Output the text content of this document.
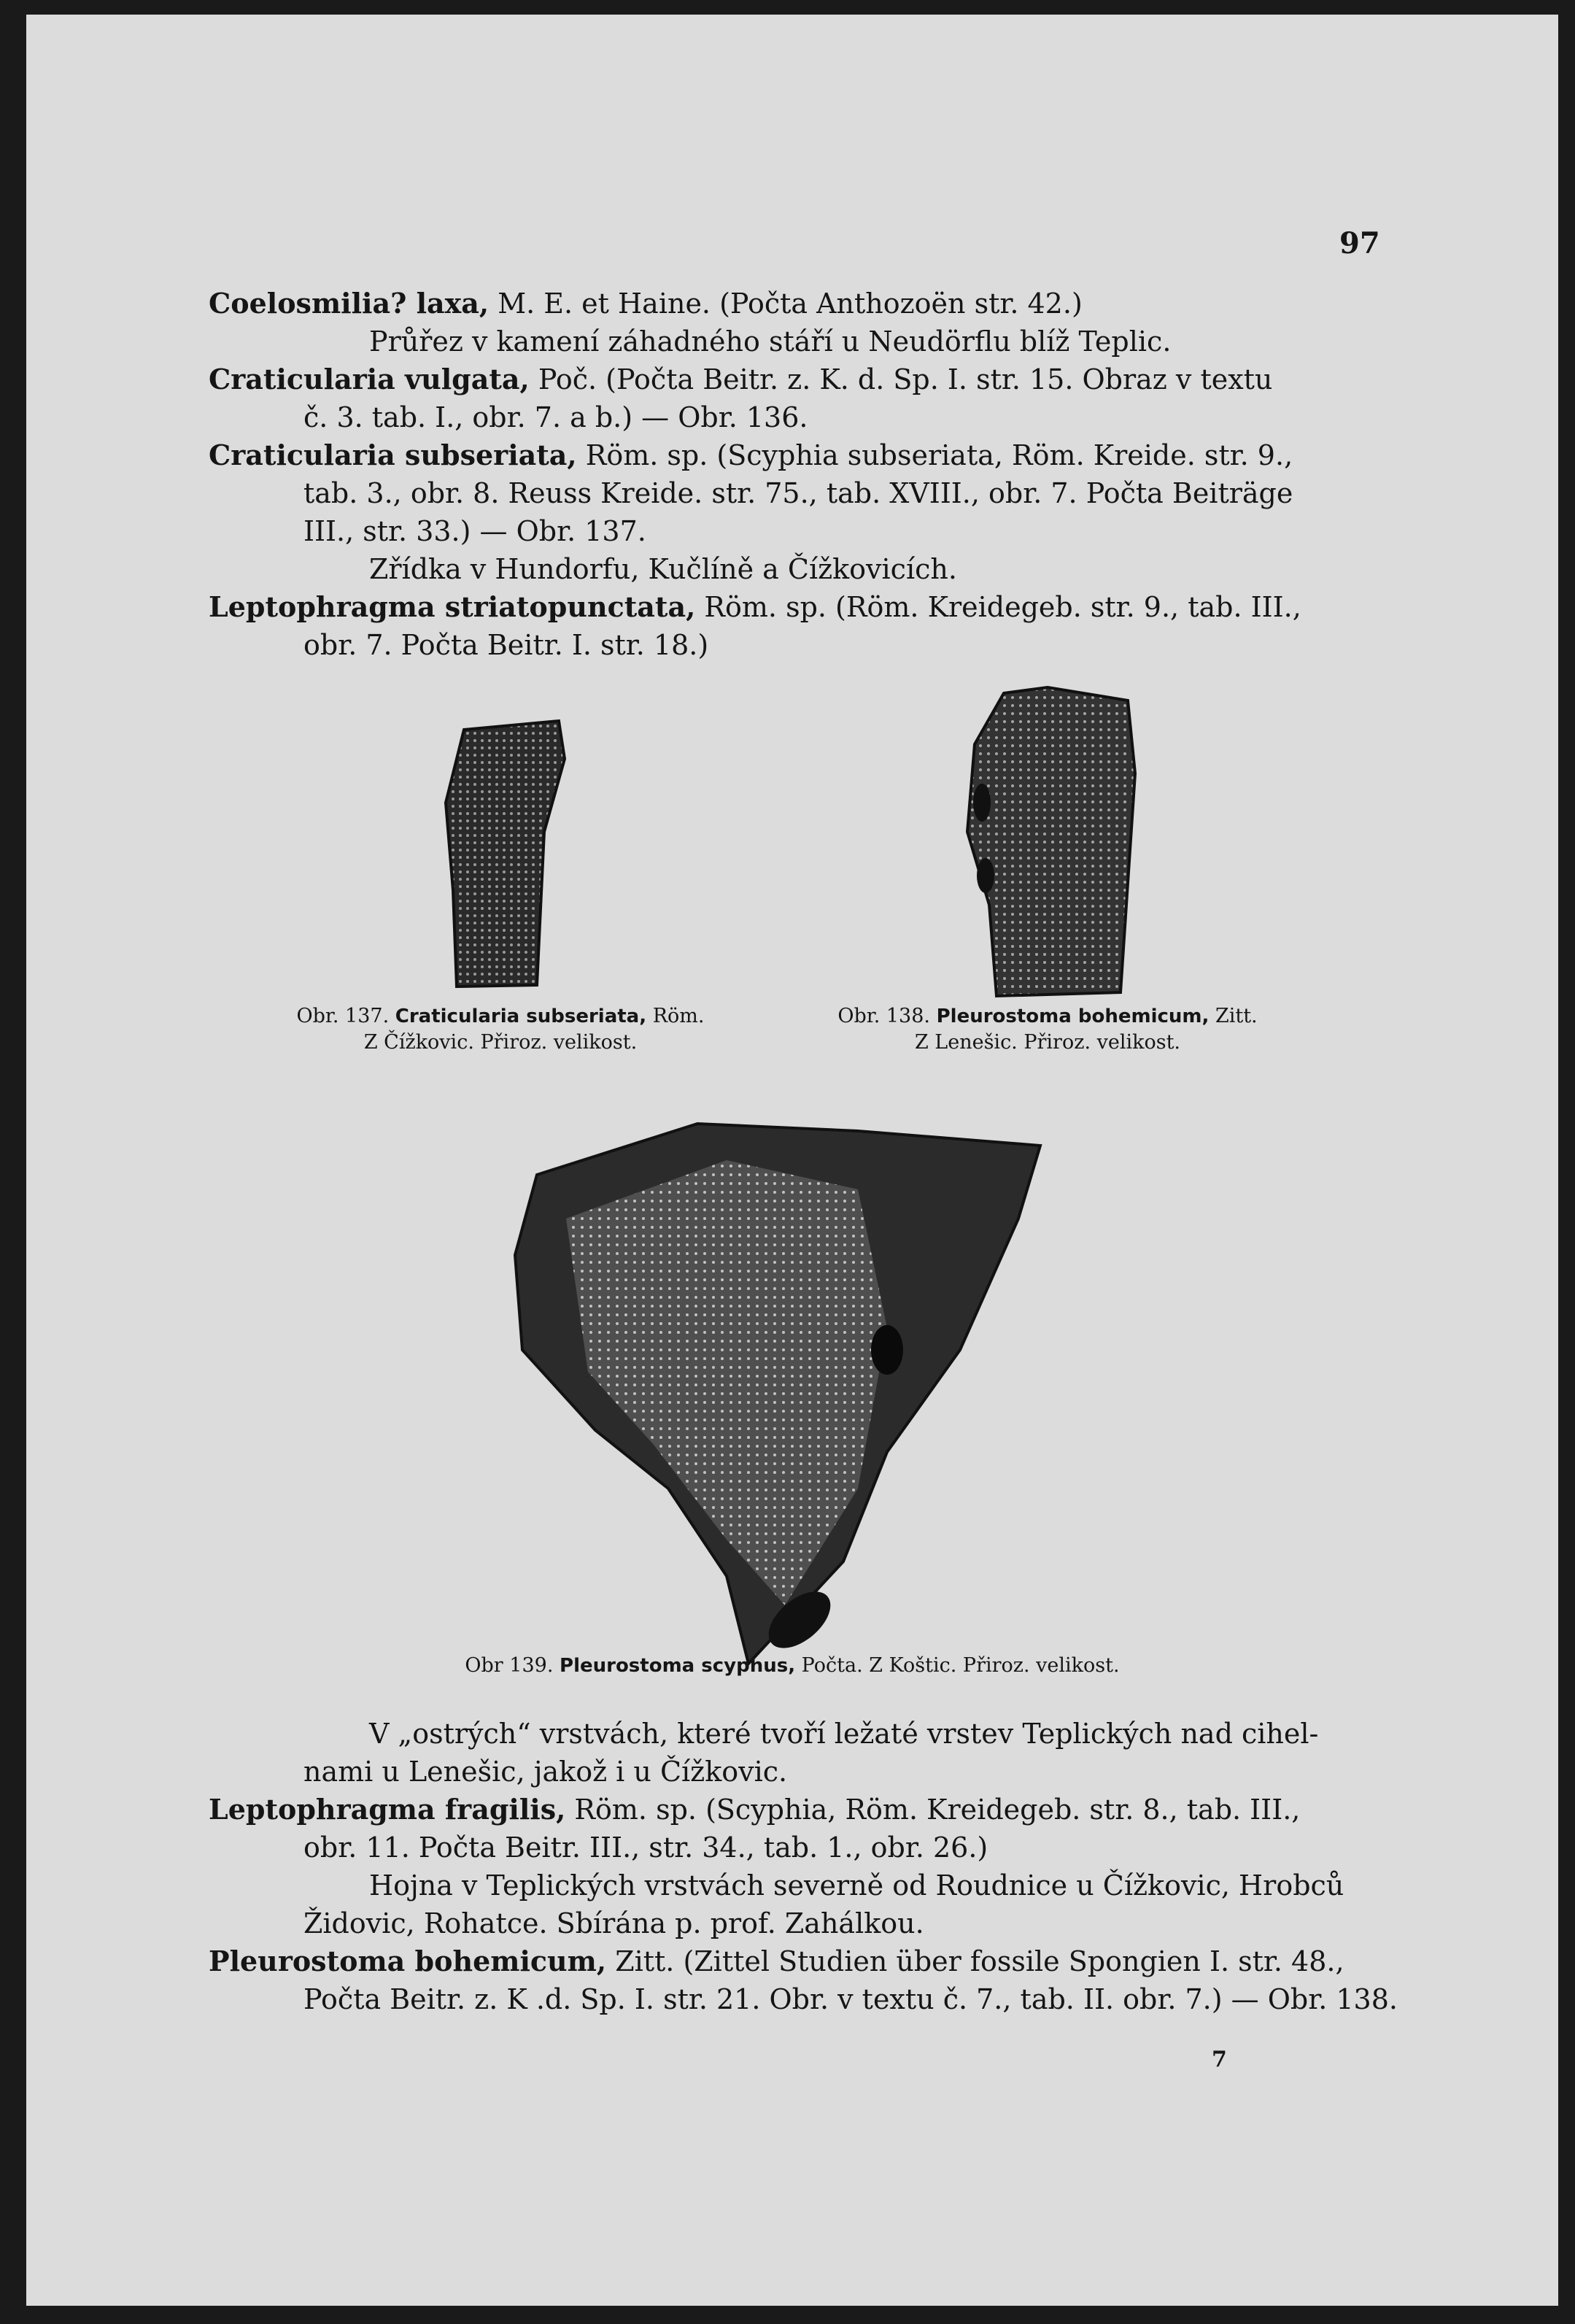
97
Coelosmilia? laxa, M. E. et Haine. (Počta Anthozoën str. 42.)
Průřez v kamení záhadného stáří u Neudörflu blíž Teplic.
Craticularia vulgata, Poč. (Počta Beitr. z. K. d. Sp. I. str. 15. Obraz v textu
č. 3. tab. I., obr. 7. a b.) — Obr. 136.
Craticularia subseriata, Röm. sp. (Scyphia subseriata, Röm. Kreide. str. 9.,
tab. 3., obr. 8. Reuss Kreide. str. 75., tab. XVIII., obr. 7. Počta Beiträge
III., str. 33.) — Obr. 137.
Zřídka v Hundorfu, Kučlíně a Čížkovicích.
Leptophragma striatopunctata, Röm. sp. (Röm. Kreidegeb. str. 9., tab. III.,
obr. 7. Počta Beitr. I. str. 18.)
Obr. 137. Craticularia subseriata, Röm.
Z Čížkovic. Přiroz. velikost.
Obr. 138. Pleurostoma bohemicum, Zitt.
Z Lenešic. Přiroz. velikost.
Obr 139. Pleurostoma scyphus, Počta. Z Koštic. Přiroz. velikost.
V „ostrých“ vrstvách, které tvoří ležaté vrstev Teplických nad cihel-
nami u Lenešic, jakož i u Čížkovic.
Leptophragma fragilis, Röm. sp. (Scyphia, Röm. Kreidegeb. str. 8., tab. III.,
obr. 11. Počta Beitr. III., str. 34., tab. 1., obr. 26.)
Hojna v Teplických vrstvách severně od Roudnice u Čížkovic, Hrobců
Židovic, Rohatce. Sbírána p. prof. Zahálkou.
Pleurostoma bohemicum, Zitt. (Zittel Studien über fossile Spongien I. str. 48.,
Počta Beitr. z. K .d. Sp. I. str. 21. Obr. v textu č. 7., tab. II. obr. 7.) — Obr. 138.
7
